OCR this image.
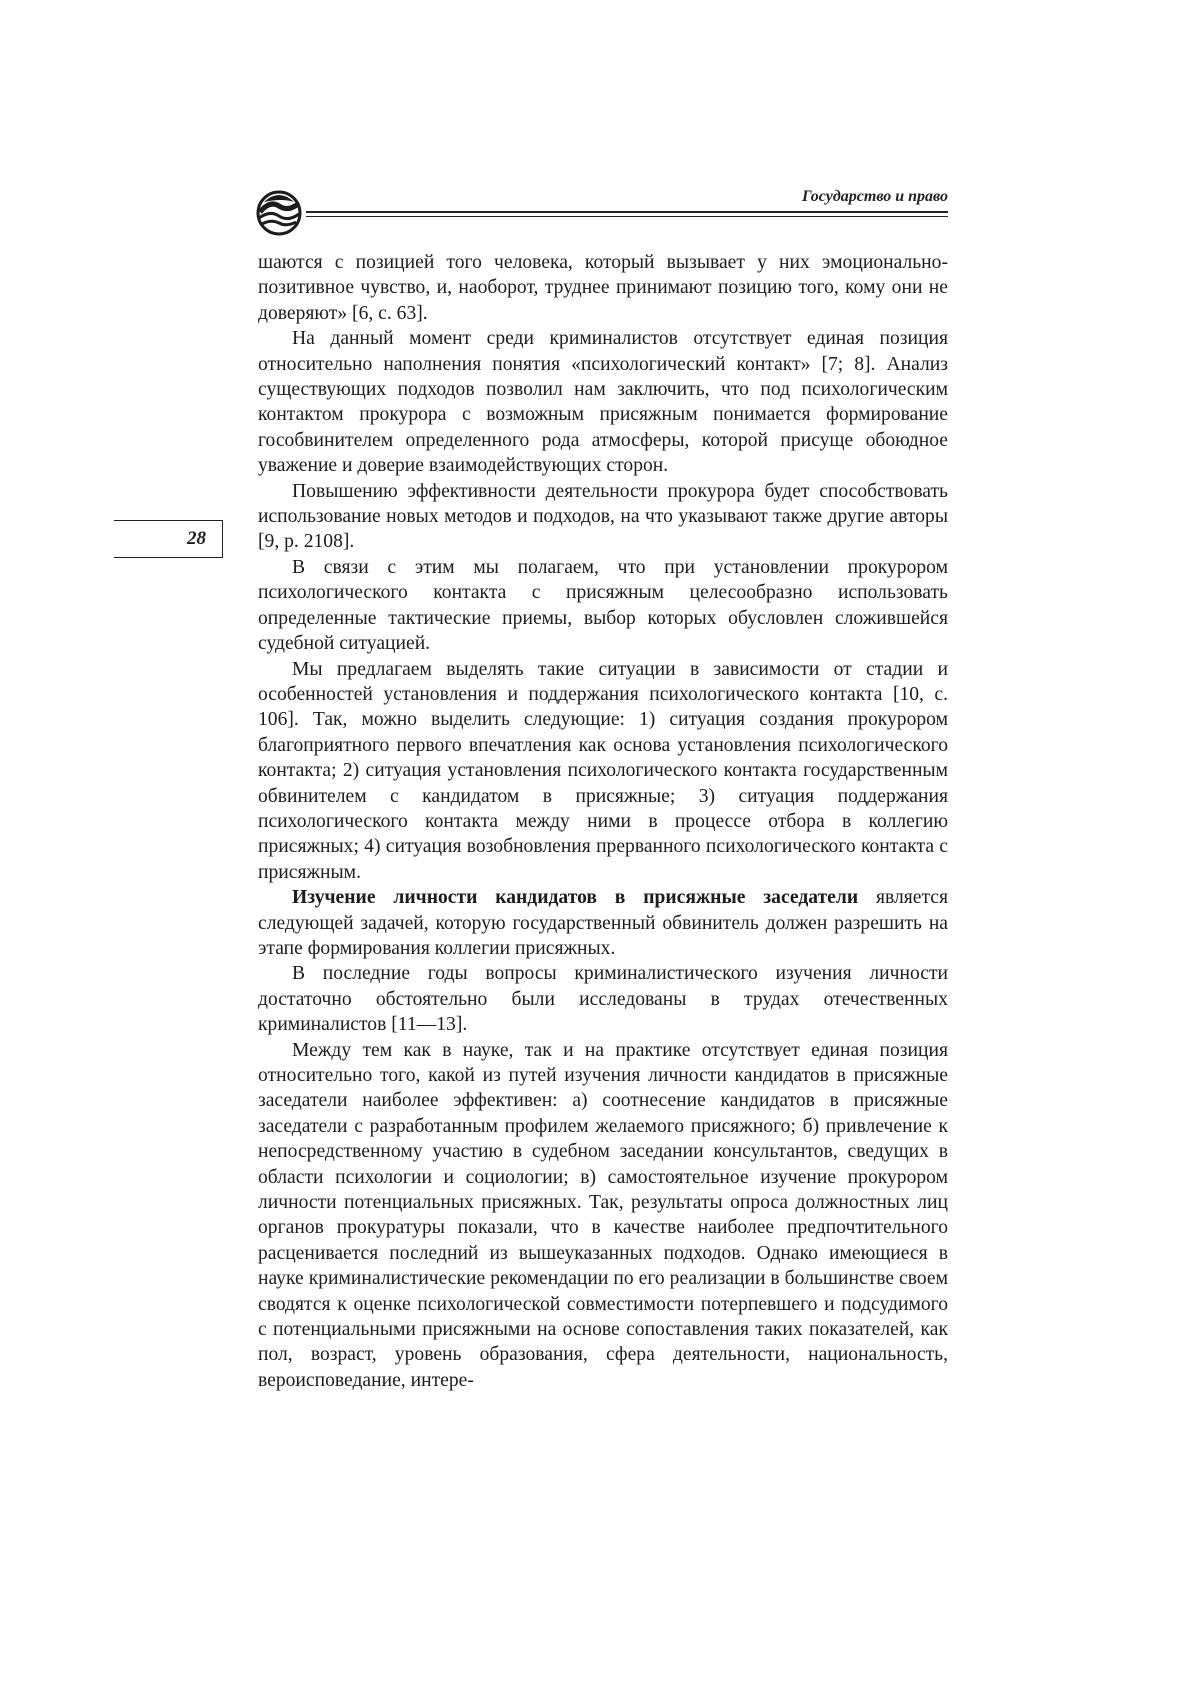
Государство и право
28

шаются с позицией того человека, который вызывает у них эмоционально-позитивное чувство, и, наоборот, труднее принимают позицию того, кому они не доверяют» [6, с. 63].

На данный момент среди криминалистов отсутствует единая позиция относительно наполнения понятия «психологический контакт» [7; 8]. Анализ существующих подходов позволил нам заключить, что под психологическим контактом прокурора с возможным присяжным понимается формирование гособвинителем определенного рода атмосферы, которой присуще обоюдное уважение и доверие взаимодействующих сторон.

Повышению эффективности деятельности прокурора будет способствовать использование новых методов и подходов, на что указывают также другие авторы [9, p. 2108].

В связи с этим мы полагаем, что при установлении прокурором психологического контакта с присяжным целесообразно использовать определенные тактические приемы, выбор которых обусловлен сложившейся судебной ситуацией.

Мы предлагаем выделять такие ситуации в зависимости от стадии и особенностей установления и поддержания психологического контакта [10, с. 106]. Так, можно выделить следующие: 1) ситуация создания прокурором благоприятного первого впечатления как основа установления психологического контакта; 2) ситуация установления психологического контакта государственным обвинителем с кандидатом в присяжные; 3) ситуация поддержания психологического контакта между ними в процессе отбора в коллегию присяжных; 4) ситуация возобновления прерванного психологического контакта с присяжным.

Изучение личности кандидатов в присяжные заседатели является следующей задачей, которую государственный обвинитель должен разрешить на этапе формирования коллегии присяжных.

В последние годы вопросы криминалистического изучения личности достаточно обстоятельно были исследованы в трудах отечественных криминалистов [11—13].

Между тем как в науке, так и на практике отсутствует единая позиция относительно того, какой из путей изучения личности кандидатов в присяжные заседатели наиболее эффективен: а) соотнесение кандидатов в присяжные заседатели с разработанным профилем желаемого присяжного; б) привлечение к непосредственному участию в судебном заседании консультантов, сведущих в области психологии и социологии; в) самостоятельное изучение прокурором личности потенциальных присяжных. Так, результаты опроса должностных лиц органов прокуратуры показали, что в качестве наиболее предпочтительного расценивается последний из вышеуказанных подходов. Однако имеющиеся в науке криминалистические рекомендации по его реализации в большинстве своем сводятся к оценке психологической совместимости потерпевшего и подсудимого с потенциальными присяжными на основе сопоставления таких показателей, как пол, возраст, уровень образования, сфера деятельности, национальность, вероисповедание, интере-
